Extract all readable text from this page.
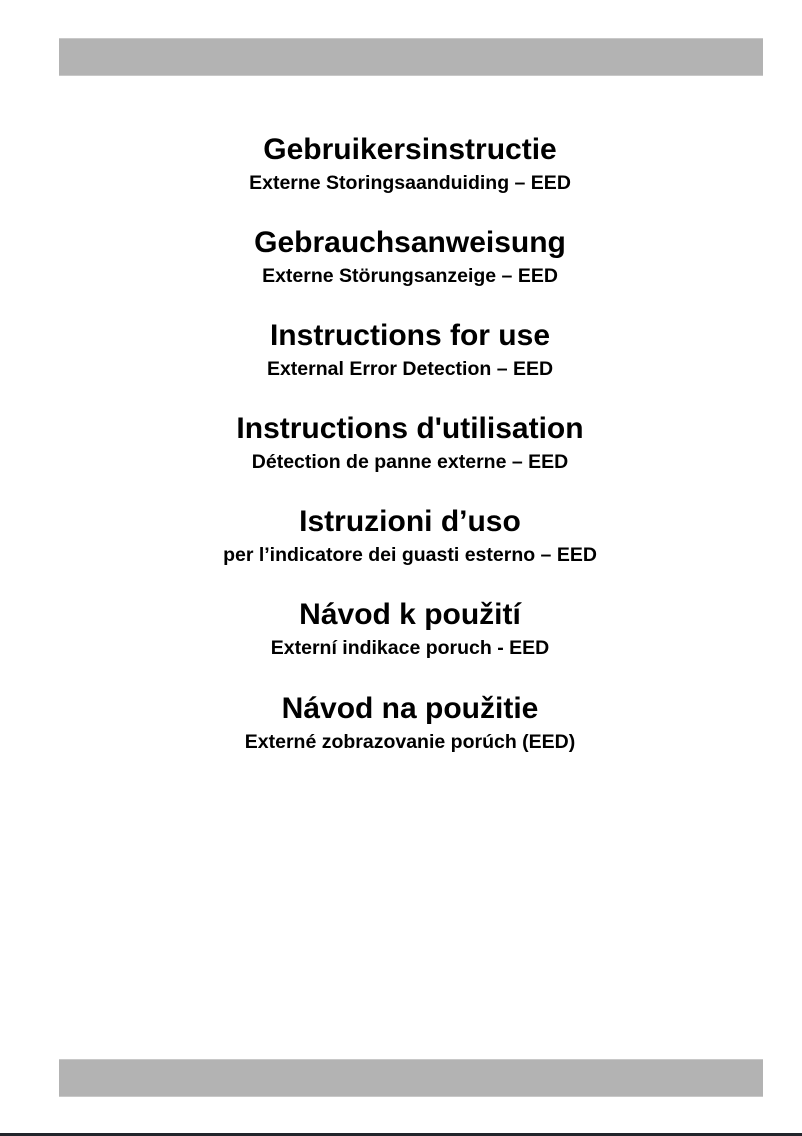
Gebruikersinstructie
Externe Storingsaanduiding – EED
Gebrauchsanweisung
Externe Störungsanzeige – EED
Instructions for use
External Error Detection – EED
Instructions d'utilisation
Détection de panne externe – EED
Istruzioni d’uso
per l’indicatore dei guasti esterno – EED
Návod k použití
Externí indikace poruch - EED
Návod na použitie
Externé zobrazovanie porúch (EED)
